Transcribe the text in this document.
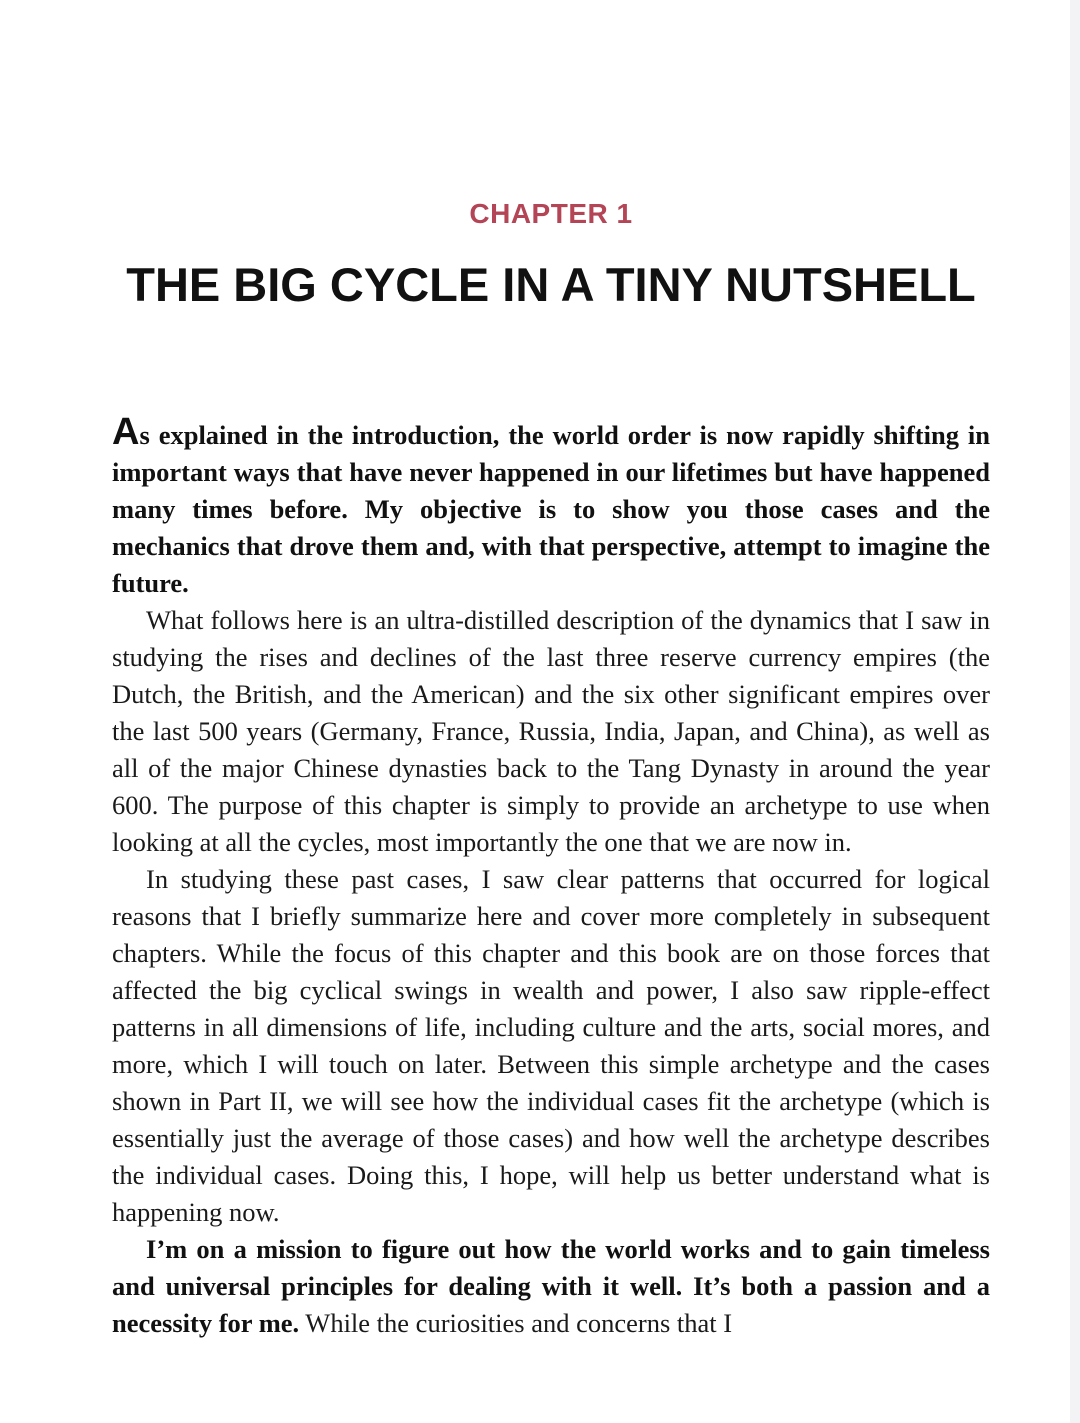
CHAPTER 1
THE BIG CYCLE IN A TINY NUTSHELL

As explained in the introduction, the world order is now rapidly shifting in important ways that have never happened in our lifetimes but have happened many times before. My objective is to show you those cases and the mechanics that drove them and, with that perspective, attempt to imagine the future.

What follows here is an ultra-distilled description of the dynamics that I saw in studying the rises and declines of the last three reserve currency empires (the Dutch, the British, and the American) and the six other significant empires over the last 500 years (Germany, France, Russia, India, Japan, and China), as well as all of the major Chinese dynasties back to the Tang Dynasty in around the year 600. The purpose of this chapter is simply to provide an archetype to use when looking at all the cycles, most importantly the one that we are now in.

In studying these past cases, I saw clear patterns that occurred for logical reasons that I briefly summarize here and cover more completely in subsequent chapters. While the focus of this chapter and this book are on those forces that affected the big cyclical swings in wealth and power, I also saw ripple-effect patterns in all dimensions of life, including culture and the arts, social mores, and more, which I will touch on later. Between this simple archetype and the cases shown in Part II, we will see how the individual cases fit the archetype (which is essentially just the average of those cases) and how well the archetype describes the individual cases. Doing this, I hope, will help us better understand what is happening now.

I’m on a mission to figure out how the world works and to gain timeless and universal principles for dealing with it well. It’s both a passion and a necessity for me. While the curiosities and concerns that I
